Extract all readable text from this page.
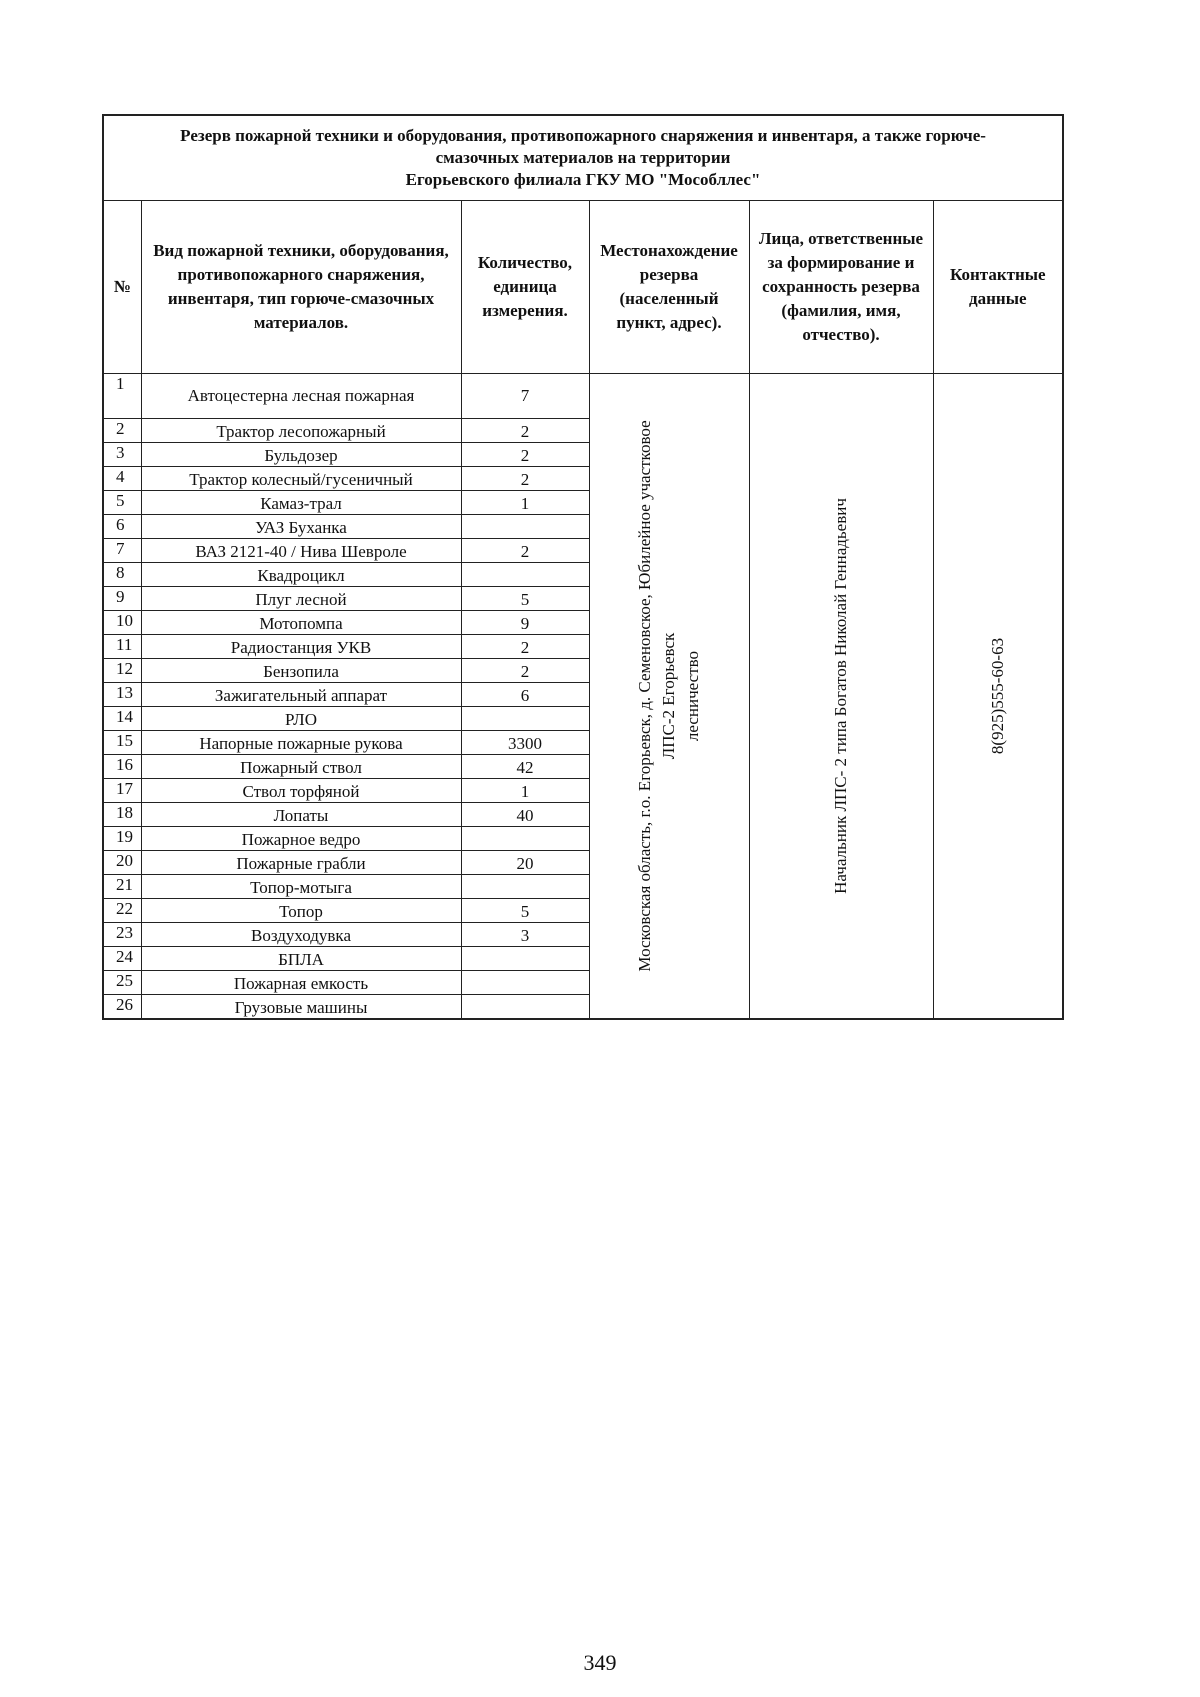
Резерв пожарной техники и оборудования, противопожарного снаряжения и инвентаря, а также горюче-
смазочных материалов на территории
Егорьевского филиала ГКУ МО "Мособллес"					

№	Вид пожарной техники, оборудования, противопожарного снаряжения, инвентаря, тип горюче-смазочных материалов.	Количество, единица измерения.	Местонахождение резерва (населенный пункт, адрес).	Лица, ответственные за формирование и сохранность резерва (фамилия, имя, отчество).	Контактные данные
1	Автоцестерна лесная пожарная	7	Московская область, г.о. Егорьевск, д. Семеновское, Юбилейное участковое ЛПС-2 Егорьевск лесничество	Начальник ЛПС- 2 типа Богатов Николай Геннадьевич	8(925)555-60-63

2	Трактор лесопожарный	2			
3	Бульдозер	2			
4	Трактор колесный/гусеничный	2			
5	Камаз-трал	1			
6	УАЗ Буханка				
7	ВАЗ 2121-40 / Нива Шевроле	2			
8	Квадроцикл				
9	Плуг лесной	5			
10	Мотопомпа	9			
11	Радиостанция УКВ	2			
12	Бензопила	2			
13	Зажигательный аппарат	6			
14	РЛО				
15	Напорные пожарные рукова	3300			
16	Пожарный ствол	42			
17	Ствол торфяной	1			
18	Лопаты	40			
19	Пожарное ведро				
20	Пожарные грабли	20			
21	Топор-мотыга				
22	Топор	5			
23	Воздуходувка	3			
24	БПЛА				
25	Пожарная емкость				
26	Грузовые машины				
349
